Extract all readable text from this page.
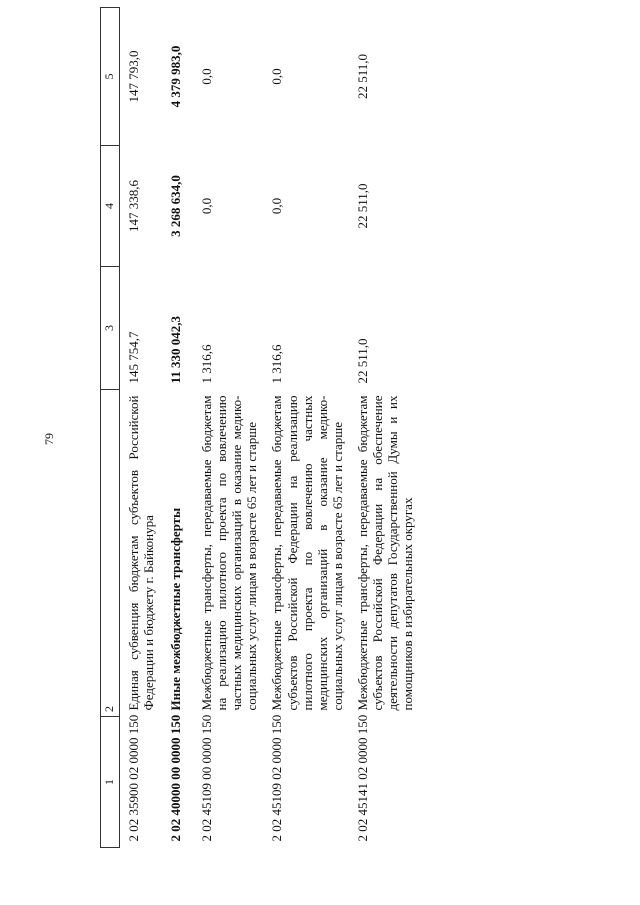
79
1	2	3	4	5
2 02 35900 02 0000 150	Единая субвенция бюджетам субъектов Российской Федерации и бюджету г. Байконура	145 754,7	147 338,6	147 793,0
2 02 40000 00 0000 150	Иные межбюджетные трансферты	11 330 042,3	3 268 634,0	4 379 983,0
2 02 45109 00 0000 150	Межбюджетные трансферты, передаваемые бюджетам на реализацию пилотного проекта по вовлечению частных медицинских организаций в оказание медико-социальных услуг лицам в возрасте 65 лет и старше	1 316,6	0,0	0,0
2 02 45109 02 0000 150	Межбюджетные трансферты, передаваемые бюджетам субъектов Российской Федерации на реализацию пилотного проекта по вовлечению частных медицинских организаций в оказание медико-социальных услуг лицам в возрасте 65 лет и старше	1 316,6	0,0	0,0
2 02 45141 02 0000 150	Межбюджетные трансферты, передаваемые бюджетам субъектов Российской Федерации на обеспечение деятельности депутатов Государственной Думы и их помощников в избирательных округах	22 511,0	22 511,0	22 511,0
